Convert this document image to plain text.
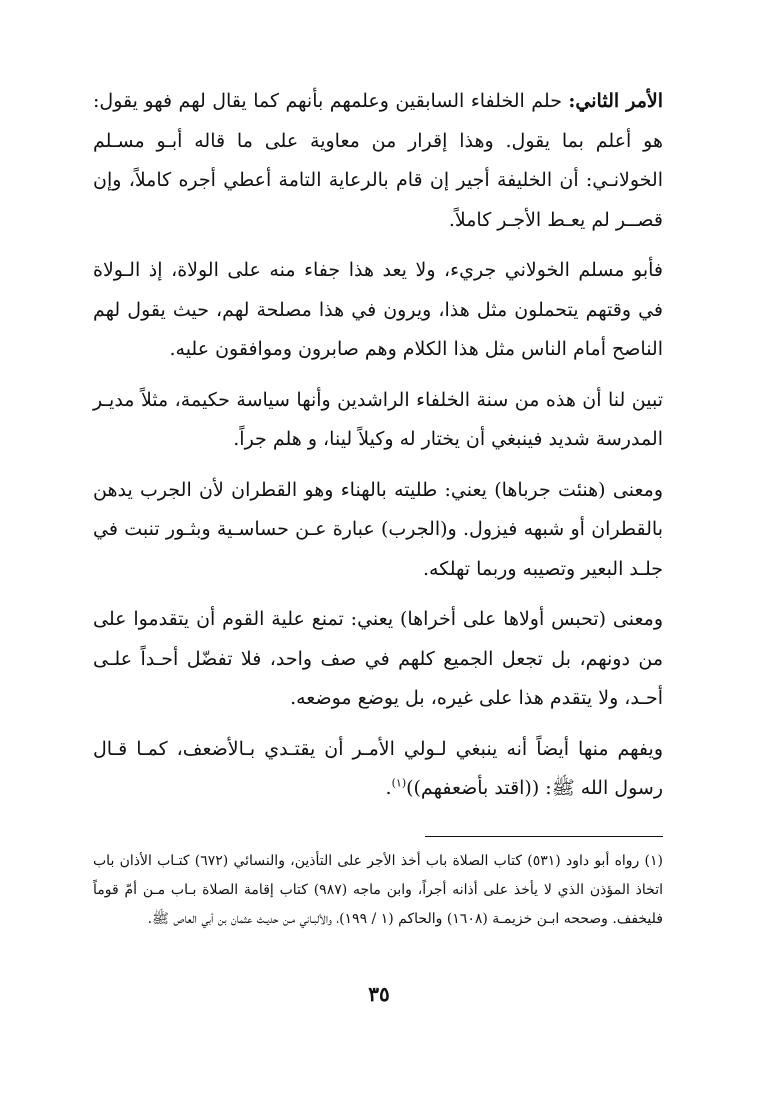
الأمر الثاني: حلم الخلفاء السابقين وعلمهم بأنهم كما يقال لهم فهو يقول: هو أعلم بما يقول. وهذا إقرار من معاوية على ما قاله أبـو مسـلم الخولانـي: أن الخليفة أجير إن قام بالرعاية التامة أعطي أجره كاملاً، وإن قصــر لم يعـط الأجـر كاملاً.

فأبو مسلم الخولاني جريء، ولا يعد هذا جفاء منه على الولاة، إذ الـولاة في وقتهم يتحملون مثل هذا، ويرون في هذا مصلحة لهم، حيث يقول لهم الناصح أمام الناس مثل هذا الكلام وهم صابرون وموافقون عليه.

تبين لنا أن هذه من سنة الخلفاء الراشدين وأنها سياسة حكيمة، مثلاً مديـر المدرسة شديد فينبغي أن يختار له وكيلاً لينا، و هلم جراً.

ومعنى (هنئت جرباها) يعني: طليته بالهناء وهو القطران لأن الجرب يدهن بالقطران أو شبهه فيزول. و(الجرب) عبارة عـن حساسـية وبثـور تنبت في جلـد البعير وتصيبه وربما تهلكه.

ومعنى (تحبس أولاها على أخراها) يعني: تمنع علية القوم أن يتقدموا على من دونهم، بل تجعل الجميع كلهم في صف واحد، فلا تفضّل أحـداً علـى أحـد، ولا يتقدم هذا على غيره، بل يوضع موضعه.

ويفهم منها أيضاً أنه ينبغي لـولي الأمـر أن يقتـدي بـالأضعف، كمـا قـال رسول الله ﷺ: ((اقتد بأضعفهم))$^{(١)}$.

(١) رواه أبو داود (٥٣١) كتاب الصلاة باب أخذ الأجر على التأذين، والنسائي (٦٧٢) كتـاب الأذان باب اتخاذ المؤذن الذي لا يأخذ على أذانه أجراً، وابن ماجه (٩٨٧) كتاب إقامة الصلاة بـاب مـن أمّ قوماً فليخفف. وصححه ابـن خزيمـة (١٦٠٨) والحاكم (١ / ١٩٩)، والألبـاني مـن حديـث عثمان بن أبي العاص ﷺ.

٣٥
